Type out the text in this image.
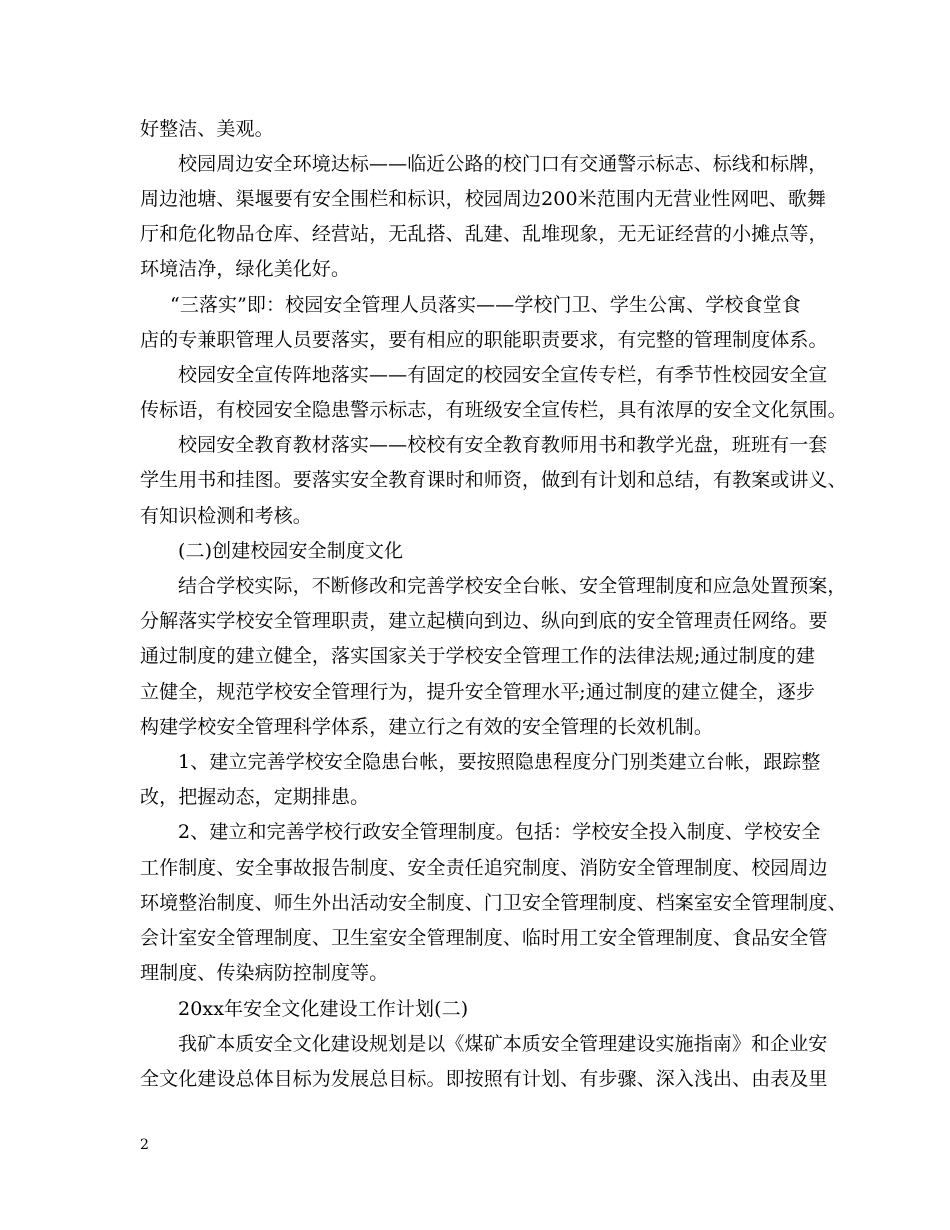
好整洁、美观。
校园周边安全环境达标——临近公路的校门口有交通警示标志、标线和标牌，
周边池塘、渠堰要有安全围栏和标识，校园周边200米范围内无营业性网吧、歌舞
厅和危化物品仓库、经营站，无乱搭、乱建、乱堆现象，无无证经营的小摊点等，
环境洁净，绿化美化好。
“三落实”即：校园安全管理人员落实——学校门卫、学生公寓、学校食堂食
店的专兼职管理人员要落实，要有相应的职能职责要求，有完整的管理制度体系。
校园安全宣传阵地落实——有固定的校园安全宣传专栏，有季节性校园安全宣
传标语，有校园安全隐患警示标志，有班级安全宣传栏，具有浓厚的安全文化氛围。
校园安全教育教材落实——校校有安全教育教师用书和教学光盘，班班有一套
学生用书和挂图。要落实安全教育课时和师资，做到有计划和总结，有教案或讲义、
有知识检测和考核。
(二)创建校园安全制度文化
结合学校实际，不断修改和完善学校安全台帐、安全管理制度和应急处置预案，
分解落实学校安全管理职责，建立起横向到边、纵向到底的安全管理责任网络。要
通过制度的建立健全，落实国家关于学校安全管理工作的法律法规;通过制度的建
立健全，规范学校安全管理行为，提升安全管理水平;通过制度的建立健全，逐步
构建学校安全管理科学体系，建立行之有效的安全管理的长效机制。
1、建立完善学校安全隐患台帐，要按照隐患程度分门别类建立台帐，跟踪整
改，把握动态，定期排患。
2、建立和完善学校行政安全管理制度。包括：学校安全投入制度、学校安全
工作制度、安全事故报告制度、安全责任追究制度、消防安全管理制度、校园周边
环境整治制度、师生外出活动安全制度、门卫安全管理制度、档案室安全管理制度、
会计室安全管理制度、卫生室安全管理制度、临时用工安全管理制度、食品安全管
理制度、传染病防控制度等。
20xx年安全文化建设工作计划(二)
我矿本质安全文化建设规划是以《煤矿本质安全管理建设实施指南》和企业安
全文化建设总体目标为发展总目标。即按照有计划、有步骤、深入浅出、由表及里
2
